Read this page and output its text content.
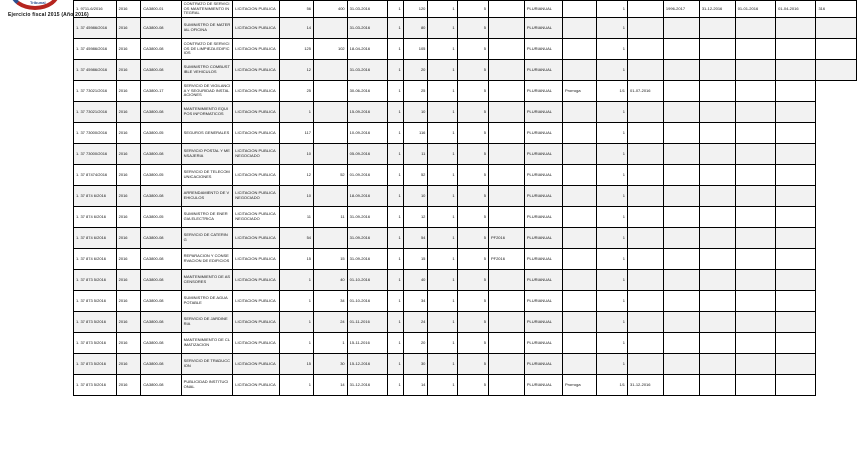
Tribunal
Ejercicio fiscal 2015 (Año 2016)
1. 9711-6/2016	2016	CA3800-01	CONTRATO DE SERVICIOS MANTENIMIENTO INTEGRAL	LICITACION PUBLICA	56	400	31-03-2016	1	120	1	5		PLURIANUAL		1		1996-2017	31-12-2016	01-01-2016	01-04-2016	316
1. 37 45986/2016	2016	CA3800-08	SUMINISTRO DE MATERIAL OFICINA	LICITACION PUBLICA	14		31-03-2016	1	80	1	5		PLURIANUAL		1						
1. 37 45986/2016	2016	CA3800-08	CONTRATO DE SERVICIOS DE LIMPIEZA EDIFICIOS	LICITACION PUBLICA	125	102	18-04-2016	1	105	1	5		PLURIANUAL		1						
1. 37 45986/2016	2016	CA3800-08	SUMINISTRO COMBUSTIBLE VEHICULOS	LICITACION PUBLICA	12		31-03-2016	1	20	1	5		PLURIANUAL		1						
1. 37 73021/2016	2016	CA3800-17	SERVICIO DE VIGILANCIA Y SEGURIDAD INSTALACIONES	LICITACION PUBLICA	25		30-06-2016	1	25	1	5		PLURIANUAL	Prorroga	1/1	01-07-2016					
1. 37 73021/2016	2016	CA3800-08	MANTENIMIENTO EQUIPOS INFORMATICOS	LICITACION PUBLICA	1		15-09-2016	1	10	1	5		PLURIANUAL		1						
1. 37 73000/2016	2016	CA3800-05	SEGUROS GENERALES	LICITACION PUBLICA	117		10-09-2016	1	116	1	5		PLURIANUAL		1						
1. 37 73000/2016	2016	CA3800-08	SERVICIO POSTAL Y MENSAJERIA	LICITACION PUBLICA NEGOCIADO	10		05-09-2016	1	11	1	5		PLURIANUAL		1						
1. 37 87474/2016	2016	CA3800-05	SERVICIO DE TELECOMUNICACIONES	LICITACION PUBLICA	12	52	01-09-2016	1	52	1	5		PLURIANUAL		1						
1. 37 874 6/2016	2016	CA3800-08	ARRENDAMIENTO DE VEHICULOS	LICITACION PUBLICA NEGOCIADO	10		18-09-2016	1	10	1	5		PLURIANUAL		1						
1. 37 874 6/2016	2016	CA3800-05	SUMINISTRO DE ENERGIA ELECTRICA	LICITACION PUBLICA NEGOCIADO	11	11	31-09-2016	1	12	1	5		PLURIANUAL		1						
1. 37 874 6/2016	2016	CA3800-08	SERVICIO DE CATERING	LICITACION PUBLICA	54		31-09-2016	1	54	1	5	PF2016	PLURIANUAL		1						
1. 37 874 6/2016	2016	CA3800-08	REPARACION Y CONSERVACION DE EDIFICIOS	LICITACION PUBLICA	15	15	31-09-2016	1	15	1	5	PF2016	PLURIANUAL		1						
1. 37 873 5/2016	2016	CA3800-08	MANTENIMIENTO DE ASCENSORES	LICITACION PUBLICA	1	40	01-10-2016	1	40	1	5		PLURIANUAL		1						
1. 37 873 5/2016	2016	CA3800-08	SUMINISTRO DE AGUA POTABLE	LICITACION PUBLICA	1	34	01-10-2016	1	34	1	5		PLURIANUAL		1						
1. 37 873 5/2016	2016	CA3800-08	SERVICIO DE JARDINERIA	LICITACION PUBLICA	1	24	01-11-2016	1	24	1	5		PLURIANUAL		1						
1. 37 873 5/2016	2016	CA3800-08	MANTENIMIENTO DE CLIMATIZACION	LICITACION PUBLICA	1	1	15-11-2016	1	20	1	5		PLURIANUAL		1						
1. 37 873 5/2016	2016	CA3800-08	SERVICIO DE TRADUCCION	LICITACION PUBLICA	15	30	15-12-2016	1	30	1	5		PLURIANUAL		1						
1. 37 873 5/2016	2016	CA3800-08	PUBLICIDAD INSTITUCIONAL	LICITACION PUBLICA	1	14	31-12-2016	1	14	1	5		PLURIANUAL	Prorroga	1/1	31-12-2016					
